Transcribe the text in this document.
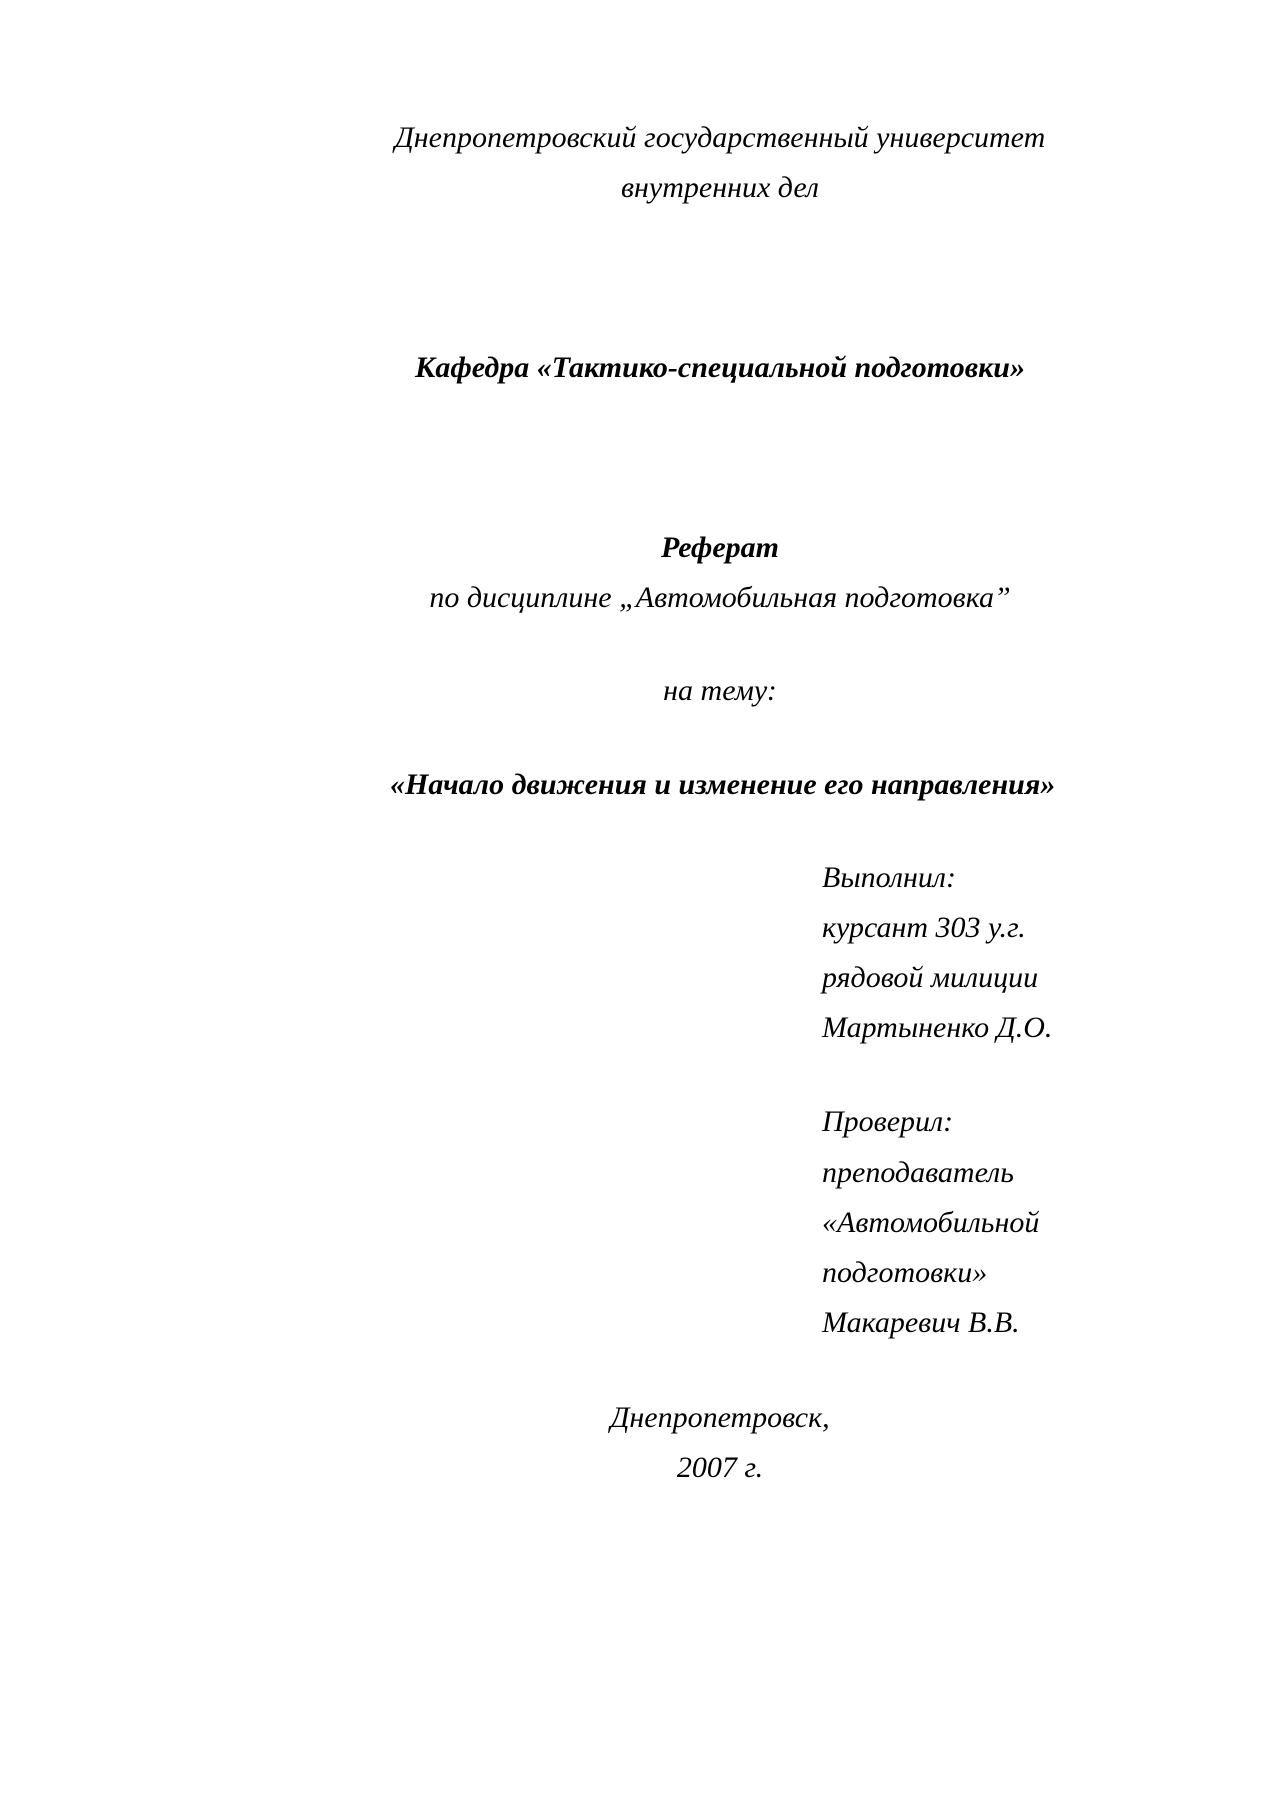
Днепропетровский государственный университет
внутренних дел
Кафедра «Тактико-специальной подготовки»
Реферат
по дисциплине „Автомобильная подготовка”
на тему:
«Начало движения и изменение его направления»
Выполнил:
курсант 303 у.г.
рядовой милиции
Мартыненко Д.О.
Проверил:
преподаватель
«Автомобильной
подготовки»
Макаревич В.В.
Днепропетровск,
2007 г.
